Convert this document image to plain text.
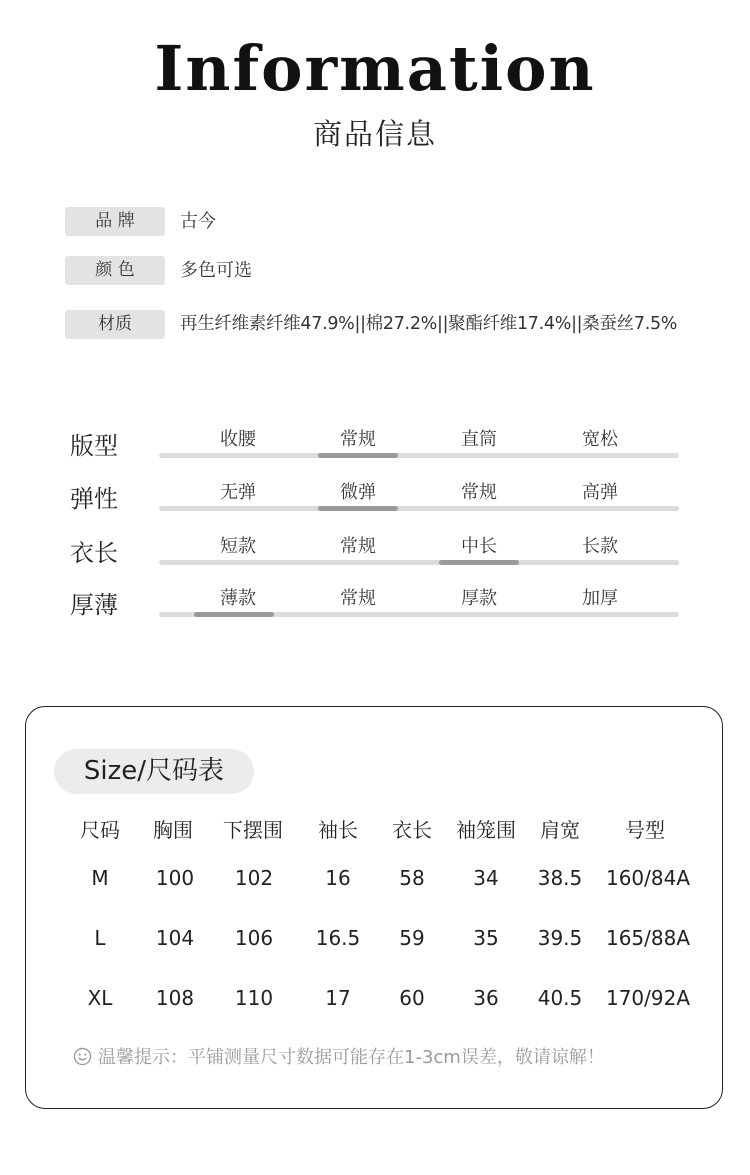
Information
商品信息
品 牌	古今
颜 色	多色可选
材质	再生纤维素纤维47.9%||棉27.2%||聚酯纤维17.4%||桑蚕丝7.5%
版型	收腰	常规	直筒	宽松
弹性	无弹	微弹	常规	高弹
衣长	短款	常规	中长	长款
厚薄	薄款	常规	厚款	加厚
Size/尺码表
尺码	胸围	下摆围	袖长	衣长	袖笼围	肩宽	号型
M	100	102	16	58	34	38.5	160/84A
L	104	106	16.5	59	35	39.5	165/88A
XL	108	110	17	60	36	40.5	170/92A
温馨提示：平铺测量尺寸数据可能存在1-3cm误差，敬请谅解！
